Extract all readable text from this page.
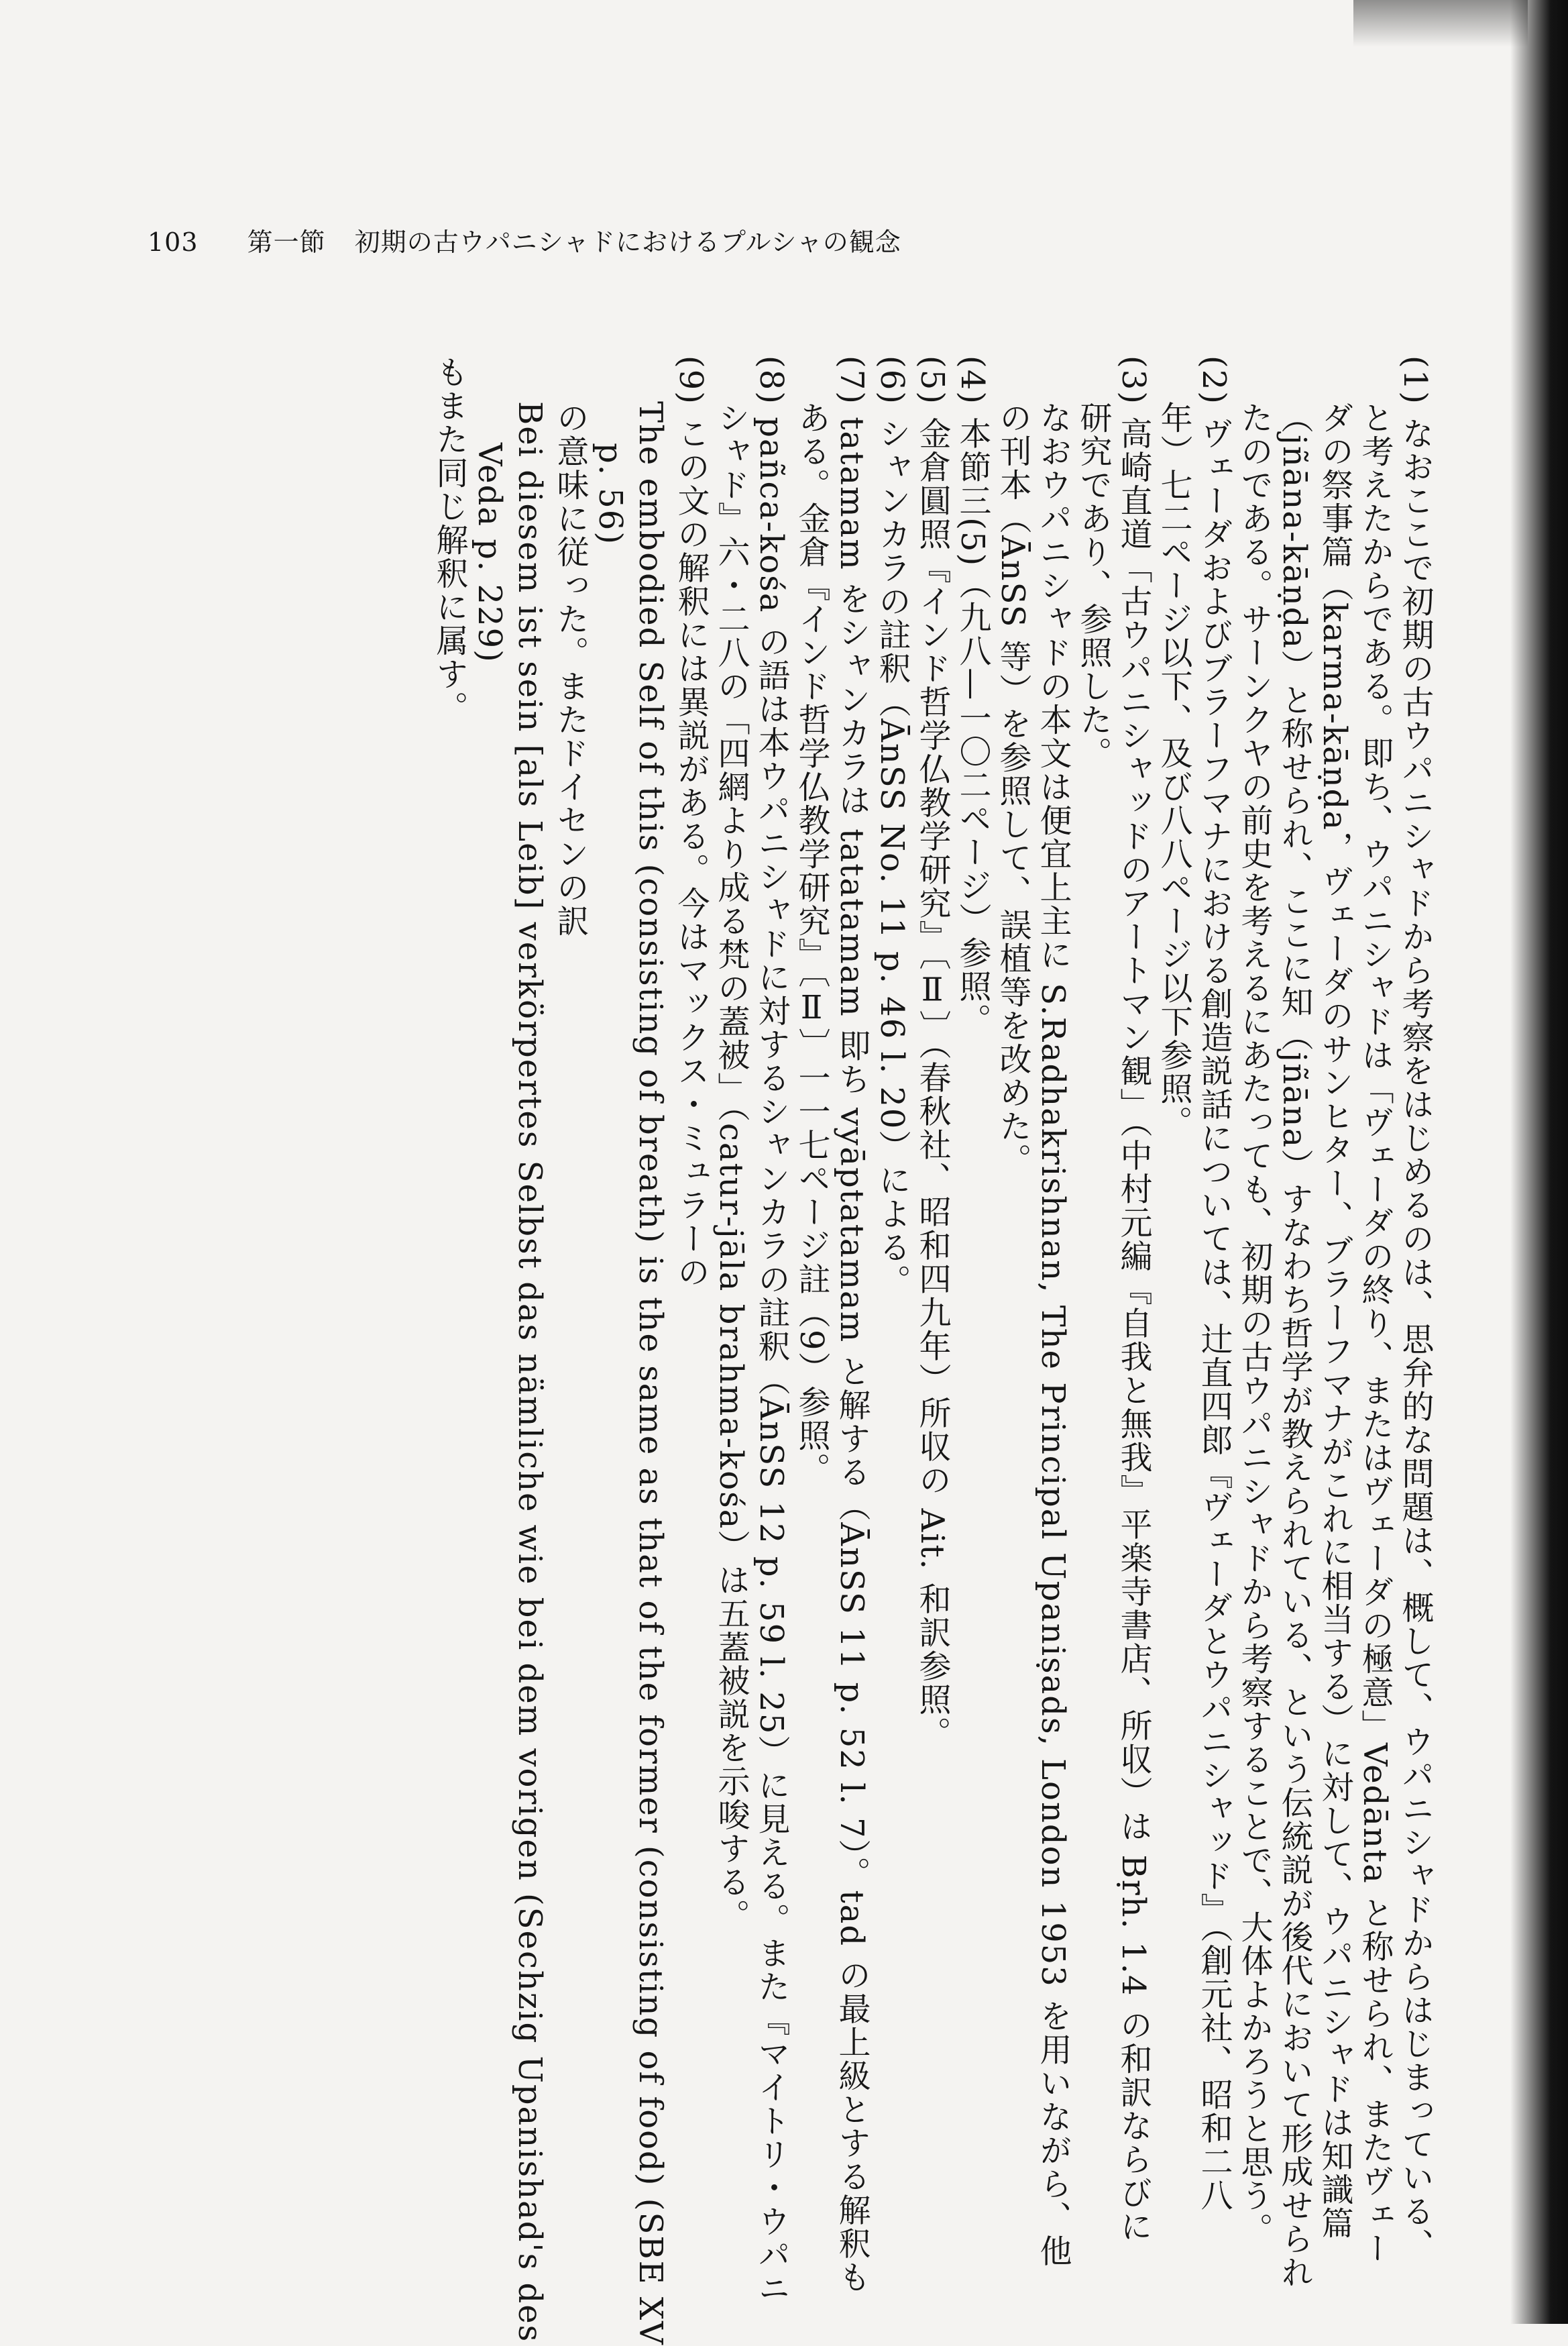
103 第一節 初期の古ウパニシャドにおけるプルシャの観念
(1) なおここで初期の古ウパニシャドから考察をはじめるのは、思弁的な問題は、概して、ウパニシャドからはじまっている、
と考えたからである。即ち、ウパニシャドは「ヴェーダの終り、またはヴェーダの極意」Vedānta と称せられ、またヴェー
ダの祭事篇（karma-kāṇḍa，ヴェーダのサンヒター、ブラーフマナがこれに相当する）に対して、ウパニシャドは知識篇
（jñāna-kāṇḍa）と称せられ、ここに知（jñāna）すなわち哲学が教えられている、という伝統説が後代において形成せられ
たのである。サーンクヤの前史を考えるにあたっても、初期の古ウパニシャドから考察することで、大体よかろうと思う。
(2) ヴェーダおよびブラーフマナにおける創造説話については、辻直四郎『ヴェーダとウパニシャッド』（創元社、昭和二八
年）七二ページ以下、及び八八ページ以下参照。
(3) 高崎直道「古ウパニシャッドのアートマン観」（中村元編『自我と無我』平楽寺書店、所収）は Bṛh. 1.4 の和訳ならびに
研究であり、参照した。
なおウパニシャドの本文は便宜上主に S.Radhakrishnan, The Principal Upaniṣads, London 1953 を用いながら、他
の刊本（ĀnSS 等）を参照して、誤植等を改めた。
(4) 本節三(5)（九八—一〇二ページ）参照。
(5) 金倉圓照『インド哲学仏教学研究』〔Ⅱ〕（春秋社、昭和四九年）所収の Ait. 和訳参照。
(6) シャンカラの註釈（ĀnSS No. 11 p. 46 l. 20）による。
(7) tatamam をシャンカラは tatatamam 即ち vyāptatamam と解する（ĀnSS 11 p. 52 l. 7）。tad の最上級とする解釈も
ある。金倉『インド哲学仏教学研究』〔Ⅱ〕一一七ページ註（9）参照。
(8) pañca-kośa の語は本ウパニシャドに対するシャンカラの註釈（ĀnSS 12 p. 59 l. 25）に見える。また『マイトリ・ウパニ
シャド』六・二八の「四網より成る梵の蓋被」（catur-jāla brahma-kośa）は五蓋被説を示唆する。
(9) この文の解釈には異説がある。今はマックス・ミュラーの
The embodied Self of this (consisting of breath) is the same as that of the former (consisting of food) (SBE XV
p. 56)
の意味に従った。またドイセンの訳
Bei diesem ist sein [als Leib] verkörpertes Selbst das nämliche wie bei dem vorigen (Sechzig Upanishad's des
Veda p. 229)
もまた同じ解釈に属す。
